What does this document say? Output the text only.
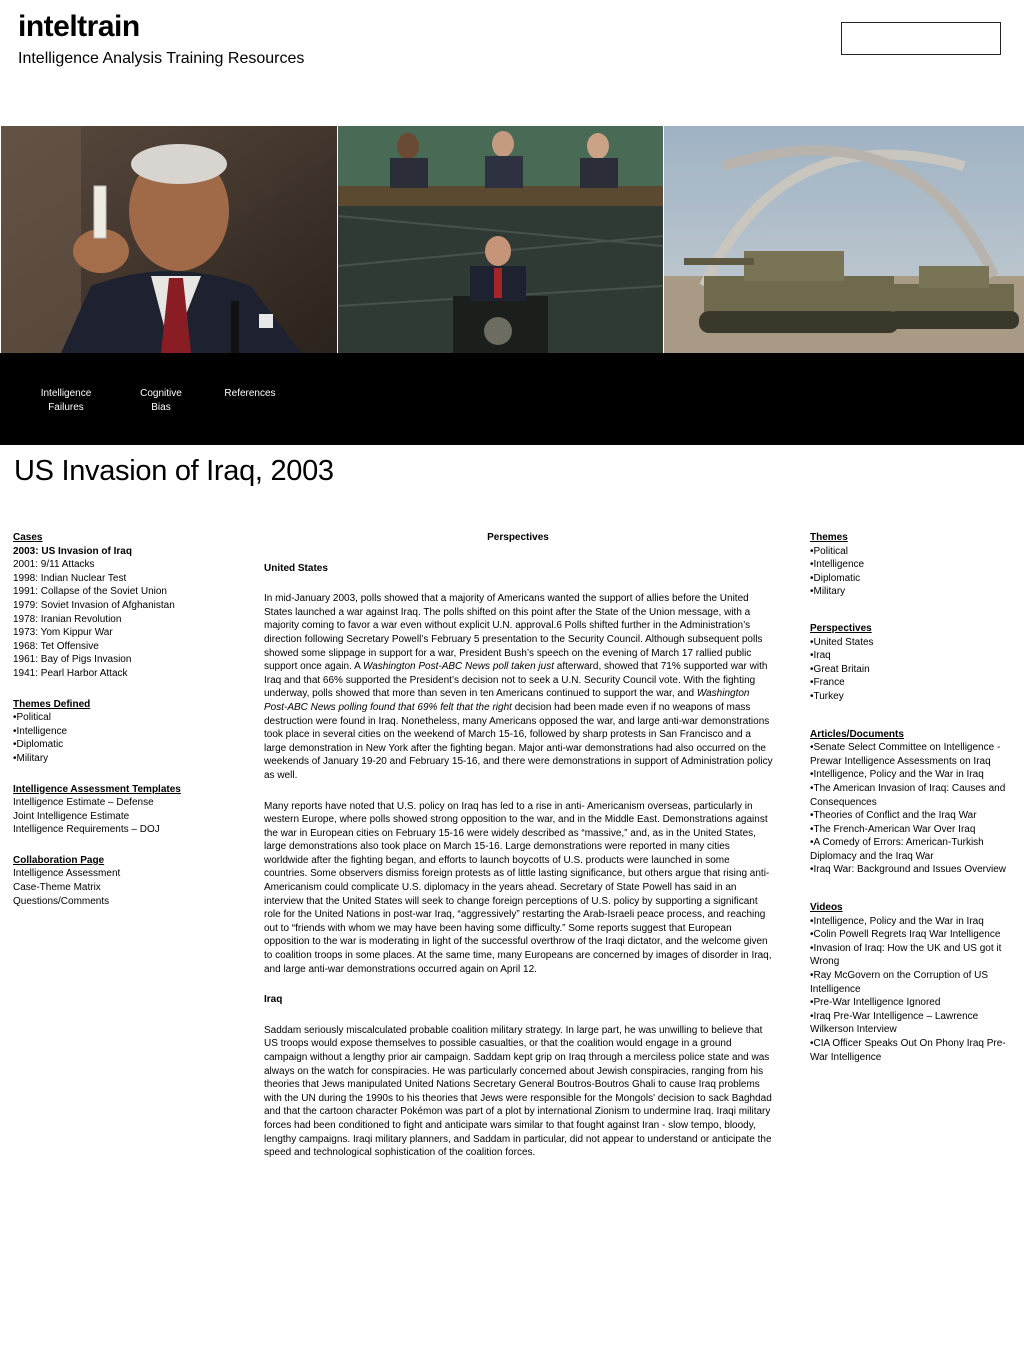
inteltrain
Intelligence Analysis Training Resources
Intelligence
Failures
Cognitive
Bias
References
US Invasion of Iraq, 2003
Cases
2003: US Invasion of Iraq
2001: 9/11 Attacks
1998: Indian Nuclear Test
1991: Collapse of the Soviet Union
1979: Soviet Invasion of Afghanistan
1978: Iranian Revolution
1973: Yom Kippur War
1968: Tet Offensive
1961: Bay of Pigs Invasion
1941: Pearl Harbor Attack
Themes Defined
•Political
•Intelligence
•Diplomatic
•Military
Intelligence Assessment Templates
Intelligence Estimate – Defense
Joint Intelligence Estimate
Intelligence Requirements – DOJ
Collaboration Page
Intelligence Assessment
Case-Theme Matrix
Questions/Comments
Perspectives
United States
In mid-January 2003, polls showed that a majority of Americans wanted the support of allies before the United States launched a war against Iraq. The polls shifted on this point after the State of the Union message, with a majority coming to favor a war even without explicit U.N. approval.6 Polls shifted further in the Administration’s direction following Secretary Powell’s February 5 presentation to the Security Council. Although subsequent polls showed some slippage in support for a war, President Bush’s speech on the evening of March 17 rallied public support once again. A Washington Post-ABC News poll taken just afterward, showed that 71% supported war with Iraq and that 66% supported the President’s decision not to seek a U.N. Security Council vote. With the fighting underway, polls showed that more than seven in ten Americans continued to support the war, and Washington Post-ABC News polling found that 69% felt that the right decision had been made even if no weapons of mass destruction were found in Iraq. Nonetheless, many Americans opposed the war, and large anti-war demonstrations took place in several cities on the weekend of March 15-16, followed by sharp protests in San Francisco and a large demonstration in New York after the fighting began. Major anti-war demonstrations had also occurred on the weekends of January 19-20 and February 15-16, and there were demonstrations in support of Administration policy as well.
Many reports have noted that U.S. policy on Iraq has led to a rise in anti- Americanism overseas, particularly in western Europe, where polls showed strong opposition to the war, and in the Middle East. Demonstrations against the war in European cities on February 15-16 were widely described as “massive,” and, as in the United States, large demonstrations also took place on March 15-16. Large demonstrations were reported in many cities worldwide after the fighting began, and efforts to launch boycotts of U.S. products were launched in some countries. Some observers dismiss foreign protests as of little lasting significance, but others argue that rising anti-Americanism could complicate U.S. diplomacy in the years ahead. Secretary of State Powell has said in an interview that the United States will seek to change foreign perceptions of U.S. policy by supporting a significant role for the United Nations in post-war Iraq, “aggressively” restarting the Arab-Israeli peace process, and reaching out to “friends with whom we may have been having some difficulty.” Some reports suggest that European opposition to the war is moderating in light of the successful overthrow of the Iraqi dictator, and the welcome given to coalition troops in some places. At the same time, many Europeans are concerned by images of disorder in Iraq, and large anti-war demonstrations occurred again on April 12.
Iraq
Saddam seriously miscalculated probable coalition military strategy. In large part, he was unwilling to believe that US troops would expose themselves to possible casualties, or that the coalition would engage in a ground campaign without a lengthy prior air campaign. Saddam kept grip on Iraq through a merciless police state and was always on the watch for conspiracies. He was particularly concerned about Jewish conspiracies, ranging from his theories that Jews manipulated United Nations Secretary General Boutros-Boutros Ghali to cause Iraq problems with the UN during the 1990s to his theories that Jews were responsible for the Mongols' decision to sack Baghdad and that the cartoon character Pokémon was part of a plot by international Zionism to undermine Iraq. Iraqi military forces had been conditioned to fight and anticipate wars similar to that fought against Iran - slow tempo, bloody, lengthy campaigns. Iraqi military planners, and Saddam in particular, did not appear to understand or anticipate the speed and technological sophistication of the coalition forces.
Themes
•Political
•Intelligence
•Diplomatic
•Military
Perspectives
•United States
•Iraq
•Great Britain
•France
•Turkey
Articles/Documents
•Senate Select Committee on Intelligence - Prewar Intelligence Assessments on Iraq
•Intelligence, Policy and the War in Iraq
•The American Invasion of Iraq: Causes and Consequences
•Theories of Conflict and the Iraq War
•The French-American War Over Iraq
•A Comedy of Errors: American-Turkish Diplomacy and the Iraq War
•Iraq War: Background and Issues Overview
Videos
•Intelligence, Policy and the War in Iraq
•Colin Powell Regrets Iraq War Intelligence
•Invasion of Iraq: How the UK and US got it Wrong
•Ray McGovern on the Corruption of US Intelligence
•Pre-War Intelligence Ignored
•Iraq Pre-War Intelligence – Lawrence Wilkerson Interview
•CIA Officer Speaks Out On Phony Iraq Pre-War Intelligence
